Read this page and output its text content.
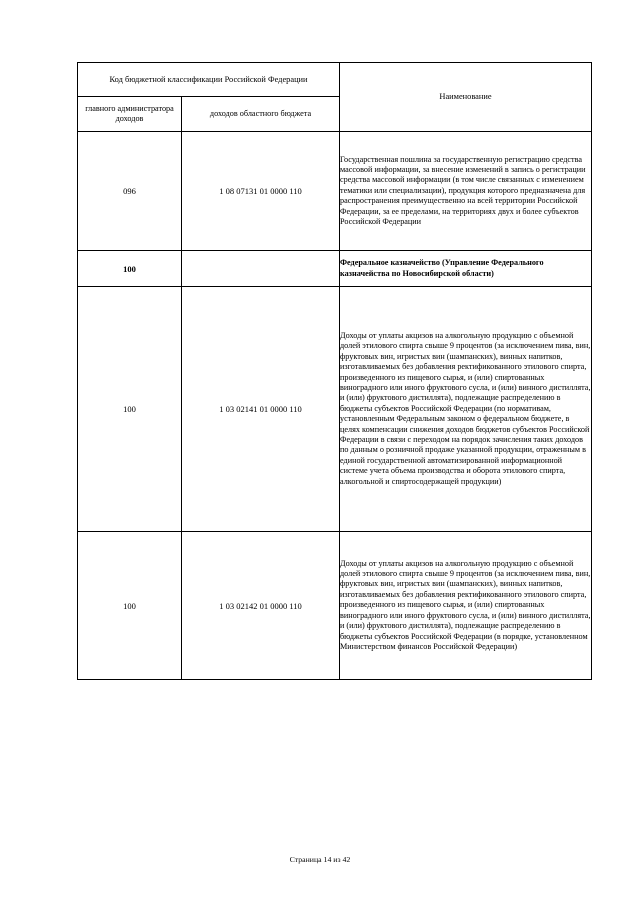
Код бюджетной классификации Российской Федерации		Наименование
главного администратора доходов	доходов областного бюджета	
096	1 08 07131 01 0000 110	Государственная пошлина за государственную регистрацию средства массовой информации, за внесение изменений в запись о регистрации средства массовой информации (в том числе связанных с изменением тематики или специализации), продукция которого предназначена для распространения преимущественно на всей территории Российской Федерации, за ее пределами, на территориях двух и более субъектов Российской Федерации
100		Федеральное казначейство (Управление Федерального казначейства по Новосибирской области)
100	1 03 02141 01 0000 110	Доходы от уплаты акцизов на алкогольную продукцию с объемной долей этилового спирта свыше 9 процентов (за исключением пива, вин, фруктовых вин, игристых вин (шампанских), винных напитков, изготавливаемых без добавления ректификованного этилового спирта, произведенного из пищевого сырья, и (или) спиртованных виноградного или иного фруктового сусла, и (или) винного дистиллята, и (или) фруктового дистиллята), подлежащие распределению в бюджеты субъектов Российской Федерации (по нормативам, установленным Федеральным законом о федеральном бюджете, в целях компенсации снижения доходов бюджетов субъектов Российской Федерации в связи с переходом на порядок зачисления таких доходов по данным о розничной продаже указанной продукции, отраженным в единой государственной автоматизированной информационной системе учета объема производства и оборота этилового спирта, алкогольной и спиртосодержащей продукции)
100	1 03 02142 01 0000 110	Доходы от уплаты акцизов на алкогольную продукцию с объемной долей этилового спирта свыше 9 процентов (за исключением пива, вин, фруктовых вин, игристых вин (шампанских), винных напитков, изготавливаемых без добавления ректификованного этилового спирта, произведенного из пищевого сырья, и (или) спиртованных виноградного или иного фруктового сусла, и (или) винного дистиллята, и (или) фруктового дистиллята), подлежащие распределению в бюджеты субъектов Российской Федерации (в порядке, установленном Министерством финансов Российской Федерации)
Страница 14 из 42
